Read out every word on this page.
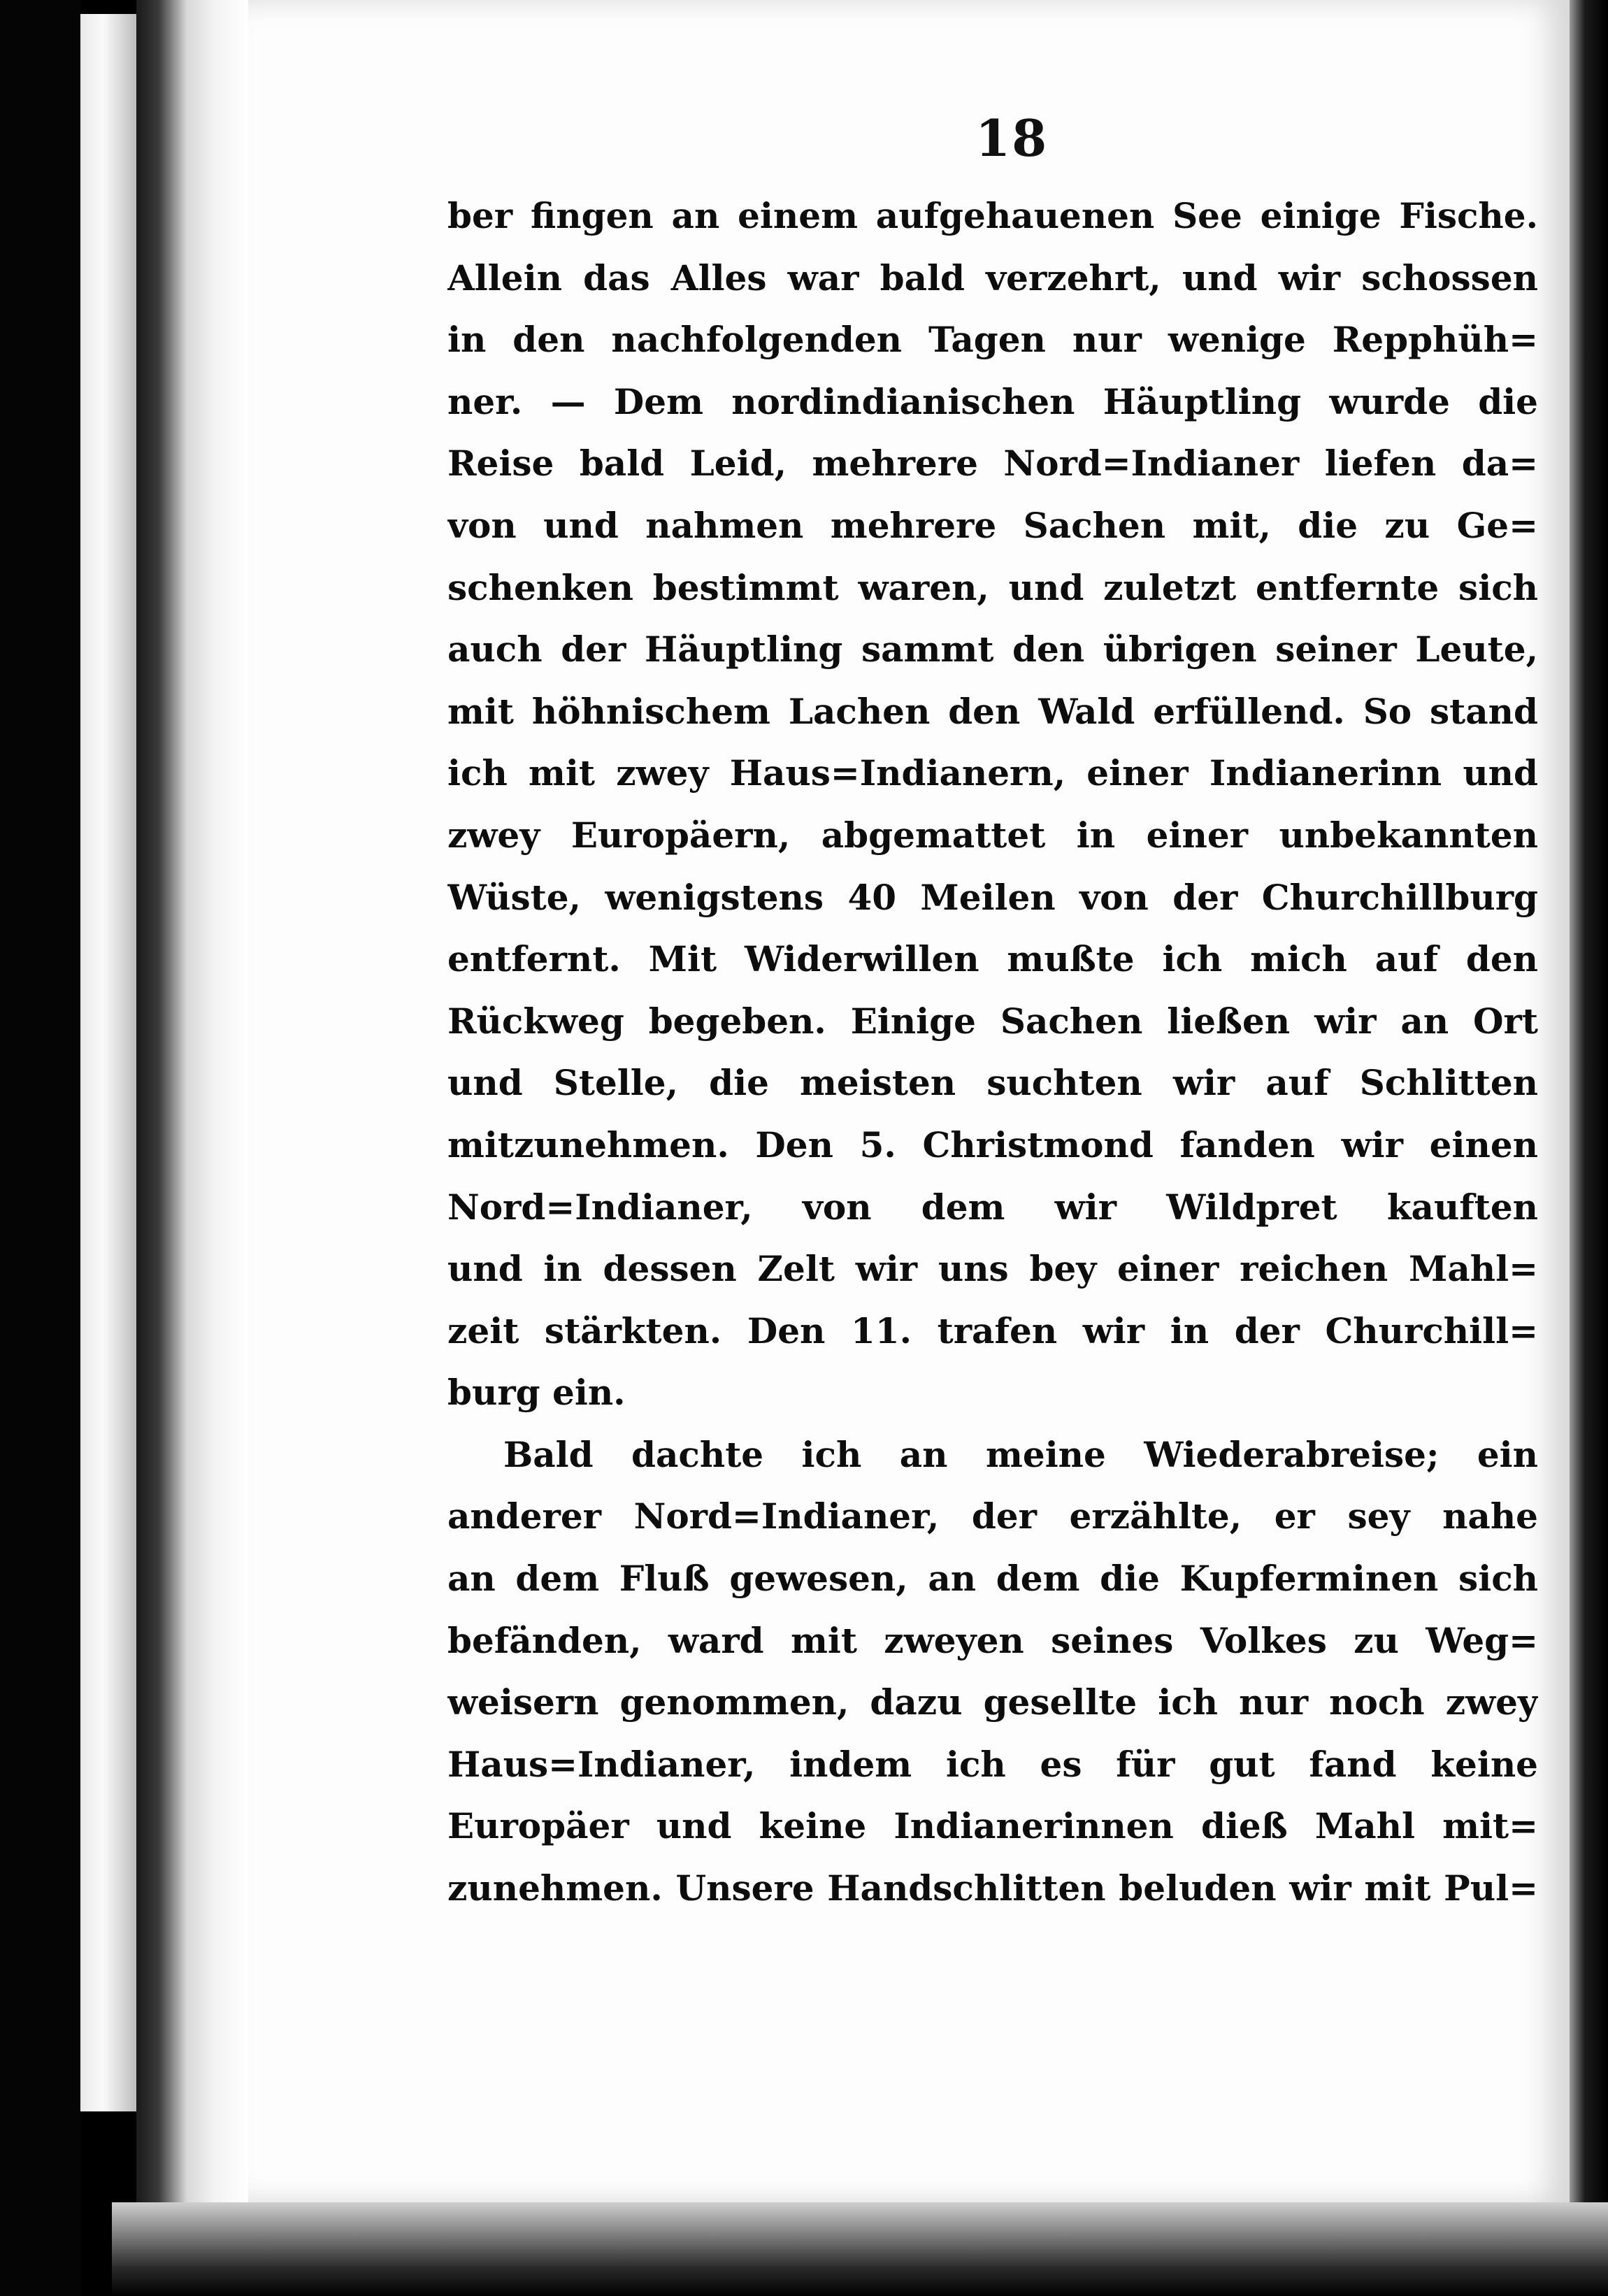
18
ber fingen an einem aufgehauenen See einige Fische.
Allein das Alles war bald verzehrt, und wir schossen
in den nachfolgenden Tagen nur wenige Repphüh=
ner. — Dem nordindianischen Häuptling wurde die
Reise bald Leid, mehrere Nord=Indianer liefen da=
von und nahmen mehrere Sachen mit, die zu Ge=
schenken bestimmt waren, und zuletzt entfernte sich
auch der Häuptling sammt den übrigen seiner Leute,
mit höhnischem Lachen den Wald erfüllend. So stand
ich mit zwey Haus=Indianern, einer Indianerinn und
zwey Europäern, abgemattet in einer unbekannten
Wüste, wenigstens 40 Meilen von der Churchillburg
entfernt. Mit Widerwillen mußte ich mich auf den
Rückweg begeben. Einige Sachen ließen wir an Ort
und Stelle, die meisten suchten wir auf Schlitten
mitzunehmen. Den 5. Christmond fanden wir einen
Nord=Indianer, von dem wir Wildpret kauften
und in dessen Zelt wir uns bey einer reichen Mahl=
zeit stärkten. Den 11. trafen wir in der Churchill=
burg ein.
Bald dachte ich an meine Wiederabreise; ein
anderer Nord=Indianer, der erzählte, er sey nahe
an dem Fluß gewesen, an dem die Kupferminen sich
befänden, ward mit zweyen seines Volkes zu Weg=
weisern genommen, dazu gesellte ich nur noch zwey
Haus=Indianer, indem ich es für gut fand keine
Europäer und keine Indianerinnen dieß Mahl mit=
zunehmen. Unsere Handschlitten beluden wir mit Pul=
